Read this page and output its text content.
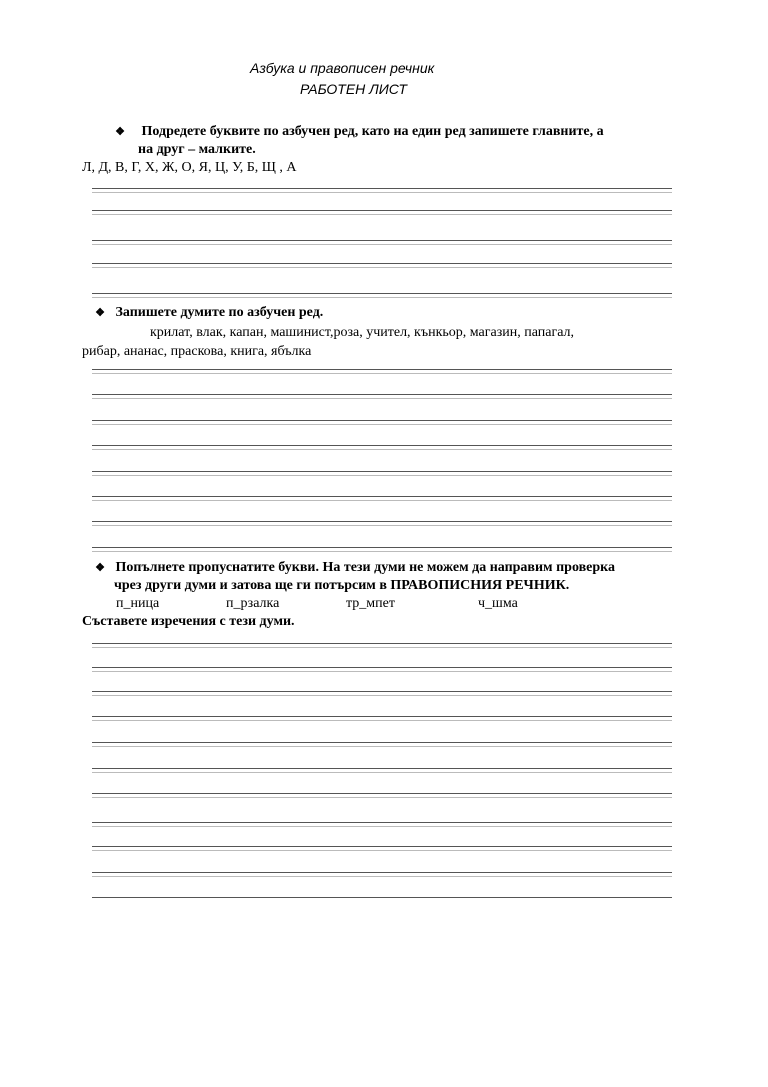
Азбука и правописен речник
РАБОТЕН ЛИСТ
❖ Подредете буквите по азбучен ред, като на един ред запишете главните, а
на друг – малките.
Л, Д, В, Г, Х, Ж, О, Я, Ц, У, Б, Щ , А
❖ Запишете думите по азбучен ред.
крилат, влак, капан, машинист,роза, учител, кънкьор, магазин, папагал,
рибар, ананас, праскова, книга, ябълка
❖ Попълнете пропуснатите букви. На тези думи не можем да направим проверка
чрез други думи и затова ще ги потърсим в ПРАВОПИСНИЯ РЕЧНИК.
п_ница	п_рзалка	тр_мпет	ч_шма
Съставете изречения с тези думи.
